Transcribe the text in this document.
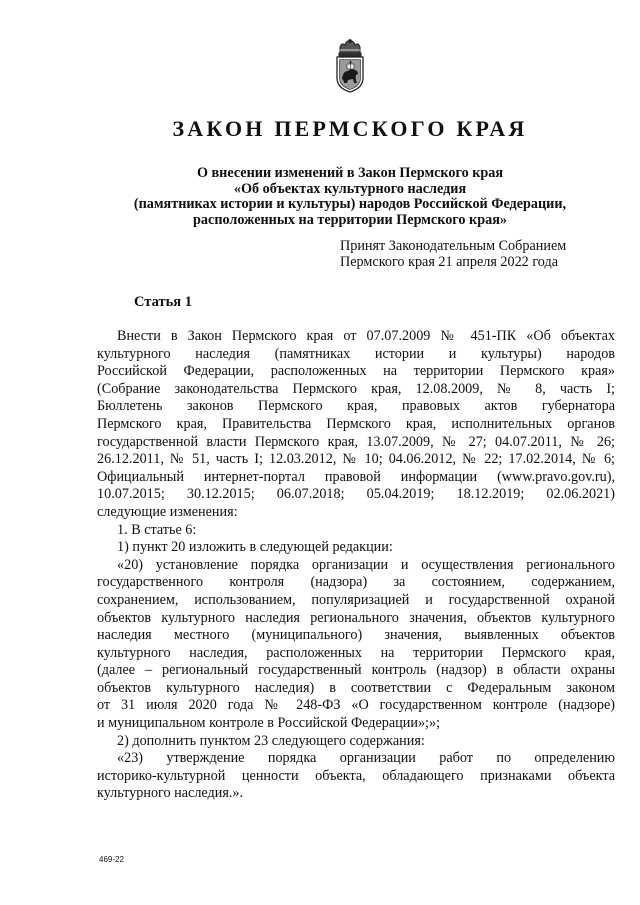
ЗАКОН ПЕРМСКОГО КРАЯ
О внесении изменений в Закон Пермского края
«Об объектах культурного наследия
(памятниках истории и культуры) народов Российской Федерации,
расположенных на территории Пермского края»
Принят Законодательным Собранием
Пермского края 21 апреля 2022 года
Статья 1
Внести в Закон Пермского края от 07.07.2009 № 451-ПК «Об объектах
культурного наследия (памятниках истории и культуры) народов
Российской Федерации, расположенных на территории Пермского края»
(Собрание законодательства Пермского края, 12.08.2009, № 8, часть I;
Бюллетень законов Пермского края, правовых актов губернатора
Пермского края, Правительства Пермского края, исполнительных органов
государственной власти Пермского края, 13.07.2009, № 27; 04.07.2011, № 26;
26.12.2011, № 51, часть I; 12.03.2012, № 10; 04.06.2012, № 22; 17.02.2014, № 6;
Официальный интернет-портал правовой информации (www.pravo.gov.ru),
10.07.2015; 30.12.2015; 06.07.2018; 05.04.2019; 18.12.2019; 02.06.2021)
следующие изменения:
1. В статье 6:
1) пункт 20 изложить в следующей редакции:
«20) установление порядка организации и осуществления регионального
государственного контроля (надзора) за состоянием, содержанием,
сохранением, использованием, популяризацией и государственной охраной
объектов культурного наследия регионального значения, объектов культурного
наследия местного (муниципального) значения, выявленных объектов
культурного наследия, расположенных на территории Пермского края,
(далее – региональный государственный контроль (надзор) в области охраны
объектов культурного наследия) в соответствии с Федеральным законом
от 31 июля 2020 года № 248-ФЗ «О государственном контроле (надзоре)
и муниципальном контроле в Российской Федерации»;»;
2) дополнить пунктом 23 следующего содержания:
«23) утверждение порядка организации работ по определению
историко-культурной ценности объекта, обладающего признаками объекта
культурного наследия.».
469-22
